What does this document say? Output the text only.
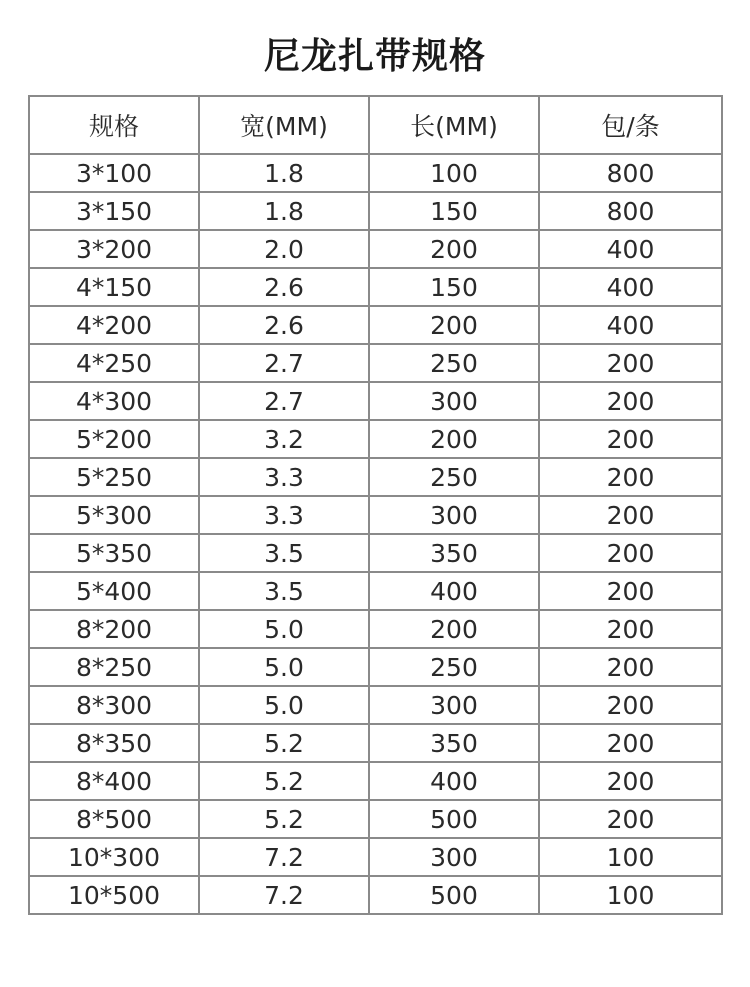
尼龙扎带规格
规格	宽(MM)	长(MM)	包/条
3*100	1.8	100	800
3*150	1.8	150	800
3*200	2.0	200	400
4*150	2.6	150	400
4*200	2.6	200	400
4*250	2.7	250	200
4*300	2.7	300	200
5*200	3.2	200	200
5*250	3.3	250	200
5*300	3.3	300	200
5*350	3.5	350	200
5*400	3.5	400	200
8*200	5.0	200	200
8*250	5.0	250	200
8*300	5.0	300	200
8*350	5.2	350	200
8*400	5.2	400	200
8*500	5.2	500	200
10*300	7.2	300	100
10*500	7.2	500	100
